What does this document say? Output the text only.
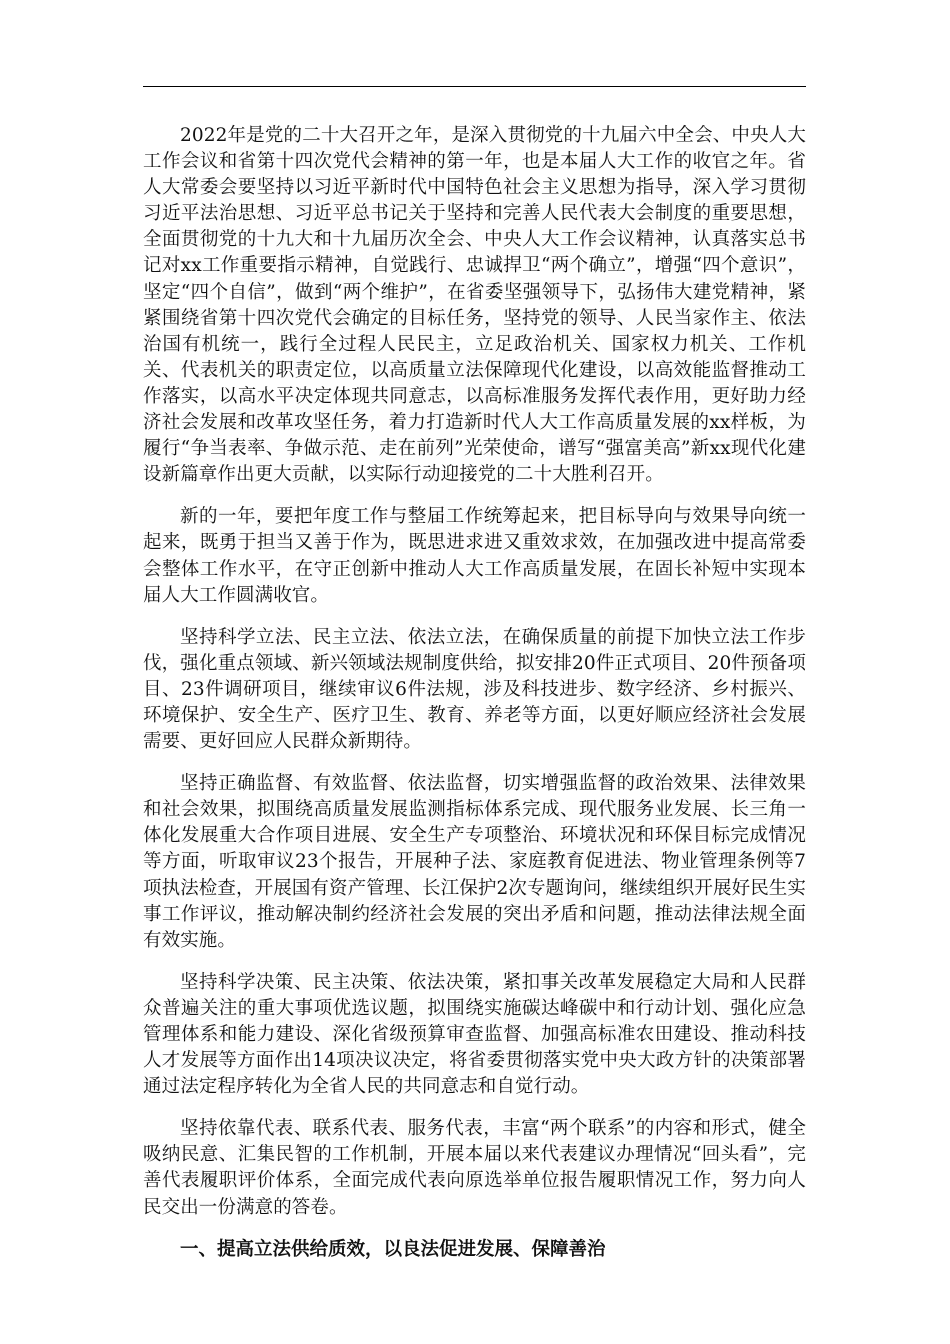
2022年是党的二十大召开之年，是深入贯彻党的十九届六中全会、中央人大工作会议和省第十四次党代会精神的第一年，也是本届人大工作的收官之年。省人大常委会要坚持以习近平新时代中国特色社会主义思想为指导，深入学习贯彻习近平法治思想、习近平总书记关于坚持和完善人民代表大会制度的重要思想，全面贯彻党的十九大和十九届历次全会、中央人大工作会议精神，认真落实总书记对xx工作重要指示精神，自觉践行、忠诚捍卫“两个确立”，增强“四个意识”，坚定“四个自信”，做到“两个维护”，在省委坚强领导下，弘扬伟大建党精神，紧紧围绕省第十四次党代会确定的目标任务，坚持党的领导、人民当家作主、依法治国有机统一，践行全过程人民民主，立足政治机关、国家权力机关、工作机关、代表机关的职责定位，以高质量立法保障现代化建设，以高效能监督推动工作落实，以高水平决定体现共同意志，以高标准服务发挥代表作用，更好助力经济社会发展和改革攻坚任务，着力打造新时代人大工作高质量发展的xx样板，为履行“争当表率、争做示范、走在前列”光荣使命，谱写“强富美高”新xx现代化建设新篇章作出更大贡献，以实际行动迎接党的二十大胜利召开。

新的一年，要把年度工作与整届工作统筹起来，把目标导向与效果导向统一起来，既勇于担当又善于作为，既思进求进又重效求效，在加强改进中提高常委会整体工作水平，在守正创新中推动人大工作高质量发展，在固长补短中实现本届人大工作圆满收官。

坚持科学立法、民主立法、依法立法，在确保质量的前提下加快立法工作步伐，强化重点领域、新兴领域法规制度供给，拟安排20件正式项目、20件预备项目、23件调研项目，继续审议6件法规，涉及科技进步、数字经济、乡村振兴、环境保护、安全生产、医疗卫生、教育、养老等方面，以更好顺应经济社会发展需要、更好回应人民群众新期待。

坚持正确监督、有效监督、依法监督，切实增强监督的政治效果、法律效果和社会效果，拟围绕高质量发展监测指标体系完成、现代服务业发展、长三角一体化发展重大合作项目进展、安全生产专项整治、环境状况和环保目标完成情况等方面，听取审议23个报告，开展种子法、家庭教育促进法、物业管理条例等7项执法检查，开展国有资产管理、长江保护2次专题询问，继续组织开展好民生实事工作评议，推动解决制约经济社会发展的突出矛盾和问题，推动法律法规全面有效实施。

坚持科学决策、民主决策、依法决策，紧扣事关改革发展稳定大局和人民群众普遍关注的重大事项优选议题，拟围绕实施碳达峰碳中和行动计划、强化应急管理体系和能力建设、深化省级预算审查监督、加强高标准农田建设、推动科技人才发展等方面作出14项决议决定，将省委贯彻落实党中央大政方针的决策部署通过法定程序转化为全省人民的共同意志和自觉行动。

坚持依靠代表、联系代表、服务代表，丰富“两个联系”的内容和形式，健全吸纳民意、汇集民智的工作机制，开展本届以来代表建议办理情况“回头看”，完善代表履职评价体系，全面完成代表向原选举单位报告履职情况工作，努力向人民交出一份满意的答卷。

一、提高立法供给质效，以良法促进发展、保障善治
